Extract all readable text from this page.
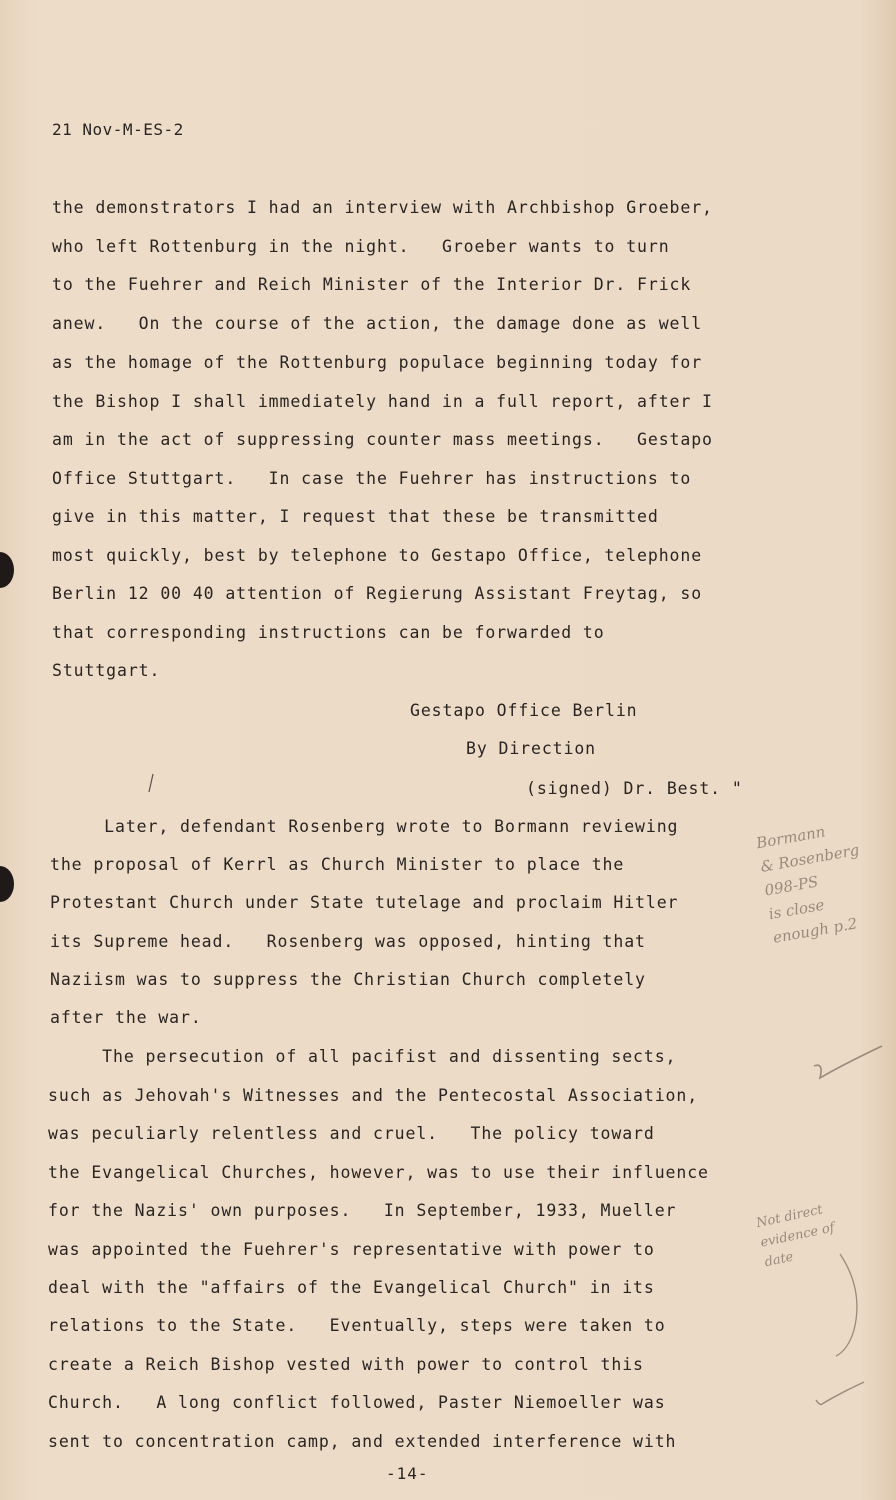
21 Nov-M-ES-2
the demonstrators I had an interview with Archbishop Groeber,
who left Rottenburg in the night.   Groeber wants to turn
to the Fuehrer and Reich Minister of the Interior Dr. Frick
anew.   On the course of the action, the damage done as well
as the homage of the Rottenburg populace beginning today for
the Bishop I shall immediately hand in a full report, after I
am in the act of suppressing counter mass meetings.   Gestapo
Office Stuttgart.   In case the Fuehrer has instructions to
give in this matter, I request that these be transmitted
most quickly, best by telephone to Gestapo Office, telephone
Berlin 12 00 40 attention of Regierung Assistant Freytag, so
that corresponding instructions can be forwarded to
Stuttgart.
Gestapo Office Berlin
By Direction
(signed) Dr. Best. "
Later, defendant Rosenberg wrote to Bormann reviewing
the proposal of Kerrl as Church Minister to place the
Protestant Church under State tutelage and proclaim Hitler
its Supreme head.   Rosenberg was opposed, hinting that
Naziism was to suppress the Christian Church completely
after the war.
The persecution of all pacifist and dissenting sects,
such as Jehovah's Witnesses and the Pentecostal Association,
was peculiarly relentless and cruel.   The policy toward
the Evangelical Churches, however, was to use their influence
for the Nazis' own purposes.   In September, 1933, Mueller
was appointed the Fuehrer's representative with power to
deal with the "affairs of the Evangelical Church" in its
relations to the State.   Eventually, steps were taken to
create a Reich Bishop vested with power to control this
Church.   A long conflict followed, Paster Niemoeller was
sent to concentration camp, and extended interference with
-14-
Bormann
& Rosenberg
098-PS
is close
enough p.2
Not direct
evidence of
date
